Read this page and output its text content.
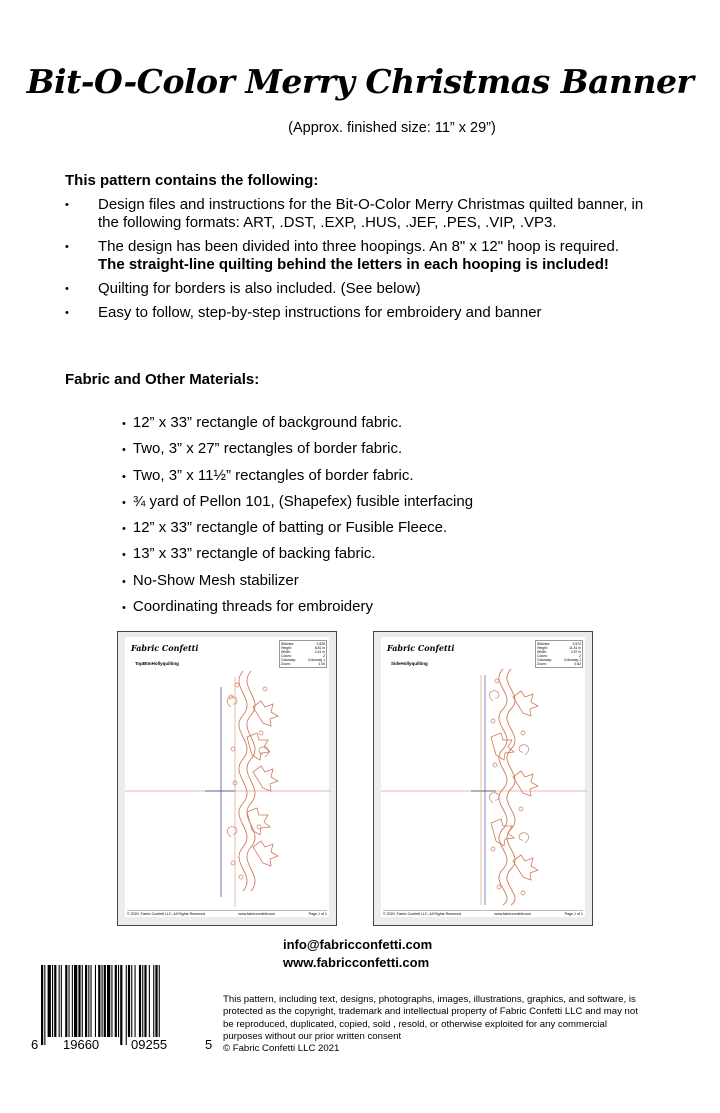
Bit-O-Color Merry Christmas Banner
(Approx. finished size: 11” x 29”)
This pattern contains the following:
• Design files and instructions for the Bit-O-Color Merry Christmas quilted banner, in the following formats: ART, .DST, .EXP, .HUS, .JEF, .PES, .VIP, .VP3.
• The design has been divided into three hoopings. An 8" x 12" hoop is required.
The straight-line quilting behind the letters in each hooping is included!
• Quilting for borders is also included. (See below)
• Easy to follow, step-by-step instructions for embroidery and banner
Fabric and Other Materials:
• 12” x 33” rectangle of background fabric.
• Two, 3” x 27” rectangles of border fabric.
• Two, 3” x 11½” rectangles of border fabric.
• ¾ yard of Pellon 101, (Shapefex) fusible interfacing
• 12” x 33” rectangle of batting or Fusible Fleece.
• 13” x 33” rectangle of backing fabric.
• No-Show Mesh stabilizer
• Coordinating threads for embroidery
Fabric Confetti
TopBtmHollyquilting
Stitches:	2,825
Height:	8.81 in
Width:	2.41 in
Colors:	2
Colorway:	Colorway 1
Zoom:	1.00
© 2020, Fabric Confetti LLC, All Rights Reserved	www.fabricconfetti.com	Page 1 of 1
Fabric Confetti
SideHollyquilting
Stitches:	3,572
Height:	11.51 in
Width:	2.57 in
Colors:	2
Colorway:	Colorway 1
Zoom:	0.82
© 2020, Fabric Confetti LLC, All Rights Reserved	www.fabricconfetti.com	Page 1 of 1
info@fabricconfetti.com
www.fabricconfetti.com
6 19660 09255	5
This pattern, including text, designs, photographs, images, illustrations, graphics, and software, is protected as the copyright, trademark and intellectual property of Fabric Confetti LLC and may not be reproduced, duplicated, copied, sold , resold, or otherwise exploited for any commercial purposes without our prior written consent
© Fabric Confetti LLC 2021
